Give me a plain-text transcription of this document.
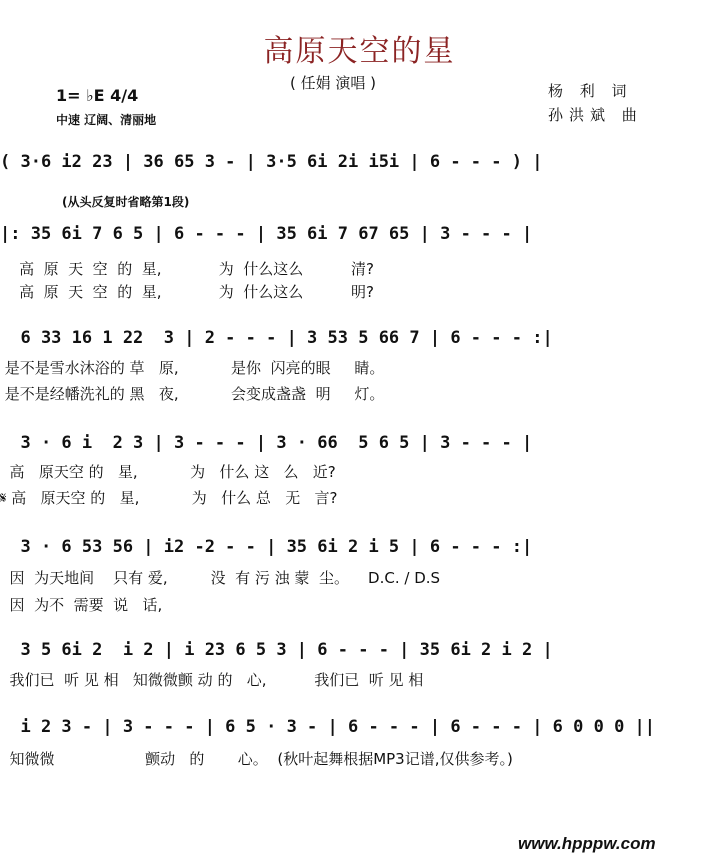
高原天空的星
( 任娟 演唱 )
1= ♭E 4/4
中速 辽阔、清丽地
杨 利 词
孙洪斌 曲
( 3·6 i2 23 | 36 65 3 - | 3·5 6i 2i i5i | 6 - - - ) |
(从头反复时省略第1段)
|: 35 6i 7 6 5 | 6 - - - | 35 6i 7 67 65 | 3 - - - |
高  原  天  空  的  星,            为  什么这么          清?
高  原  天  空  的  星,            为  什么这么          明?
6 33 16 1 22  3 | 2 - - - | 3 53 5 66 7 | 6 - - - :|
是不是雪水沐浴的 草   原,           是你  闪亮的眼     睛。
是不是经幡洗礼的 黑   夜,           会变成盏盏  明     灯。
3 · 6 i  2 3 | 3 - - - | 3 · 66  5 6 5 | 3 - - - |
高   原天空 的   星,           为   什么 这   么   近?
𝄋 高   原天空 的   星,           为   什么 总   无   言?
3 · 6 53 56 | i2 -2 - - | 35 6i 2 i 5 | 6 - - - :|
因  为天地间    只有 爱,         没  有 污 浊 蒙  尘。    D.C. / D.S
因  为不  需要  说   话,
3 5 6i 2  i 2 | i 23 6 5 3 | 6 - - - | 35 6i 2 i 2 |
我们已  听 见 相   知微微颤 动 的   心,          我们已  听 见 相
i 2 3 - | 3 - - - | 6 5 · 3 - | 6 - - - | 6 - - - | 6 0 0 0 ||
知微微                   颤动   的       心。  (秋叶起舞根据MP3记谱,仅供参考。)
www.hpppw.com
